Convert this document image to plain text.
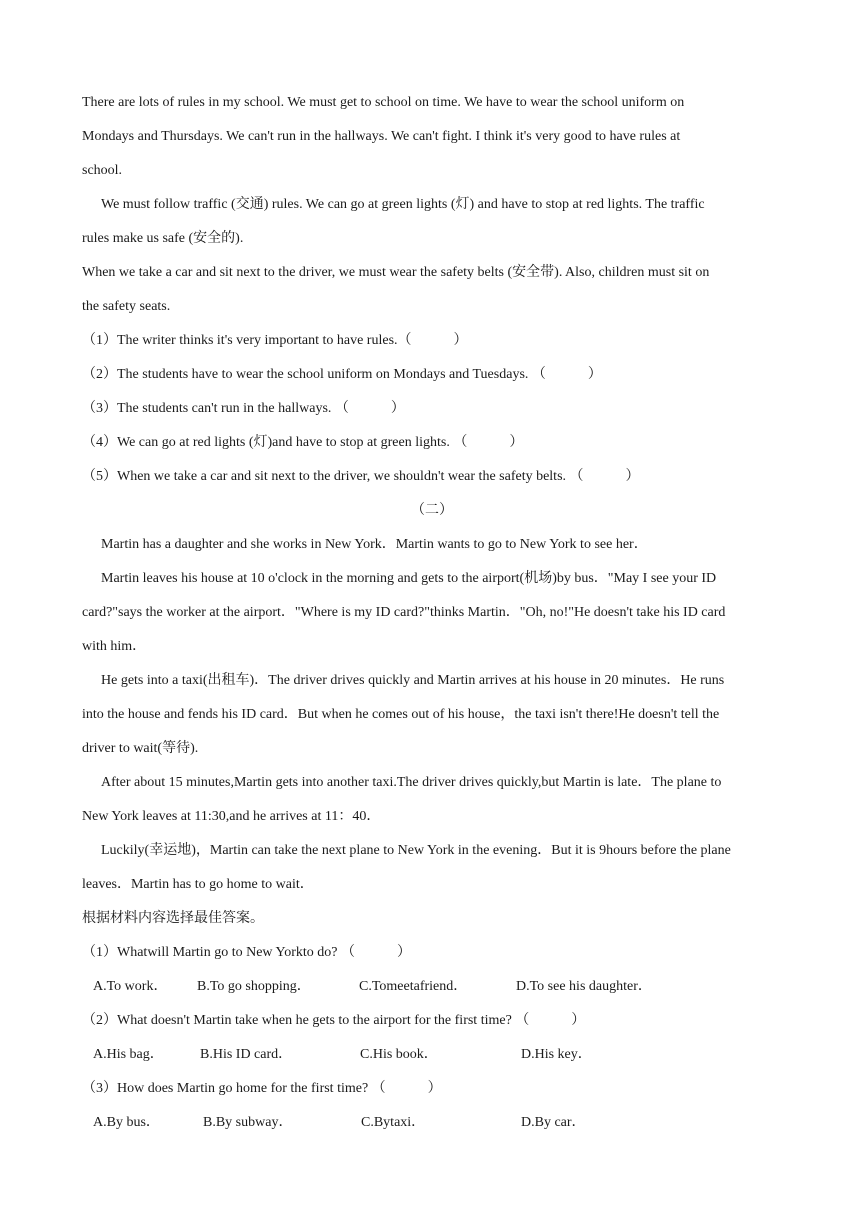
There are lots of rules in my school. We must get to school on time. We have to wear the school uniform on
Mondays and Thursdays. We can't run in the hallways. We can't fight. I think it's very good to have rules at
school.
We must follow traffic (交通) rules. We can go at green lights (灯) and have to stop at red lights. The traffic
rules make us safe (安全的).
When we take a car and sit next to the driver, we must wear the safety belts (安全带). Also, children must sit on
the safety seats.
（1）The writer thinks it's very important to have rules.（　　　）
（2）The students have to wear the school uniform on Mondays and Tuesdays. （　　　）
（3）The students can't run in the hallways. （　　　）
（4）We can go at red lights (灯)and have to stop at green lights. （　　　）
（5）When we take a car and sit next to the driver, we shouldn't wear the safety belts. （　　　）
（二）
Martin has a daughter and she works in New York．Martin wants to go to New York to see her．
Martin leaves his house at 10 o'clock in the morning and gets to the airport(机场)by bus．"May I see your ID
card?"says the worker at the airport．"Where is my ID card?"thinks Martin．"Oh, no!"He doesn't take his ID card
with him．
He gets into a taxi(出租车)．The driver drives quickly and Martin arrives at his house in 20 minutes．He runs
into the house and fends his ID card．But when he comes out of his house，the taxi isn't there!He doesn't tell the
driver to wait(等待).
After about 15 minutes,Martin gets into another taxi.The driver drives quickly,but Martin is late．The plane to
New York leaves at 11:30,and he arrives at 11：40．
Luckily(幸运地)，Martin can take the next plane to New York in the evening．But it is 9hours before the plane
leaves．Martin has to go home to wait．
根据材料内容选择最佳答案。
（1）Whatwill Martin go to New Yorkto do? （　　　）
A.To work． B.To go shopping．	C.Tomeetafriend．	D.To see his daughter．
（2）What doesn't Martin take when he gets to the airport for the first time? （　　　）
A.His bag．	B.His ID card．	C.His book．	D.His key．
（3）How does Martin go home for the first time? （　　　）
A.By bus．	B.By subway．	C.Bytaxi．	D.By car．
